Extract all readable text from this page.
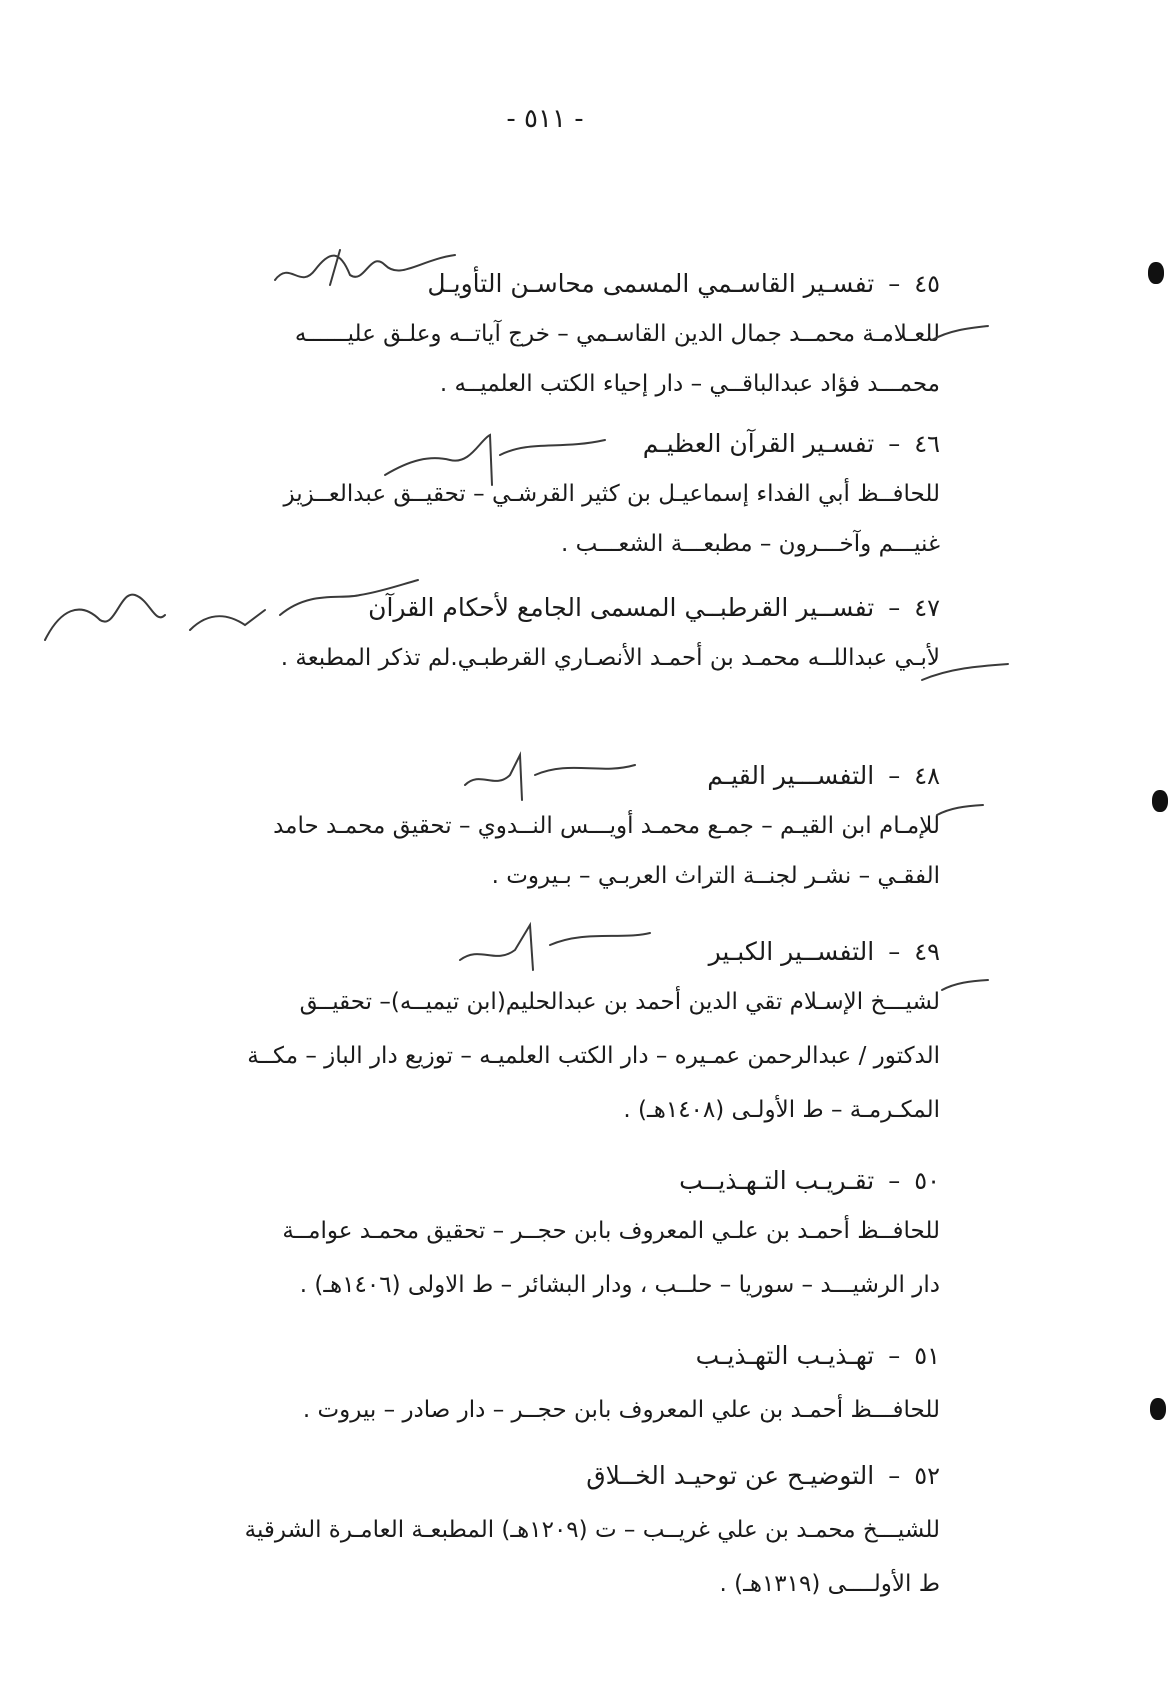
- ٥١١ -
٤٥
–
تفسـير القاسـمي المسمى محاسـن التأويـل
للعـلامـة محمــد جمال الدين القاسـمي – خرج آياتــه وعلـق عليــــــه
محمـــد فؤاد عبدالباقــي – دار إحياء الكتب العلميــه .
٤٦
–
تفسـير القرآن العظيـم
للحافــظ أبي الفداء إسماعيـل بن كثير القرشـي – تحقيــق عبدالعــزيز
غنيـــم وآخـــرون – مطبعـــة الشعـــب .
٤٧
–
تفســير القرطبــي المسمى الجامع لأحكام القرآن
لأبـي عبداللــه محمـد بن أحمـد الأنصـاري القرطبـي.لم تذكر المطبعة .
٤٨
–
التفســـير القيـم
للإمـام ابن القيـم – جمـع محمـد أويـــس النــدوي – تحقيق محمـد حامد
الفقـي – نشـر لجنــة التراث العربـي – بـيروت .
٤٩
–
التفســير الكبـير
لشيـــخ الإسـلام تقي الدين أحمد بن عبدالحليم(ابن تيميــه)– تحقيــق
الدكتور / عبدالرحمن عمـيره – دار الكتب العلميـه – توزيع دار الباز – مكــة
المكـرمـة – ط الأولـى (١٤٠٨هـ) .
٥٠
–
تقـريـب التـهـذيــب
للحافــظ أحمـد بن علـي المعروف بابن حجــر – تحقيق محمـد عوامــة
دار الرشيـــد – سوريا – حلــب ، ودار البشائر – ط الاولى (١٤٠٦هـ) .
٥١
–
تهـذيـب التهـذيـب
للحافـــظ أحمـد بن علي المعروف بابن حجــر – دار صادر – بيروت .
٥٢
–
التوضيـح عن توحيـد الخــلاق
للشيـــخ محمـد بن علي غريــب – ت (١٢٠٩هـ) المطبعـة العامـرة الشرقية
ط الأولــــى (١٣١٩هـ) .
